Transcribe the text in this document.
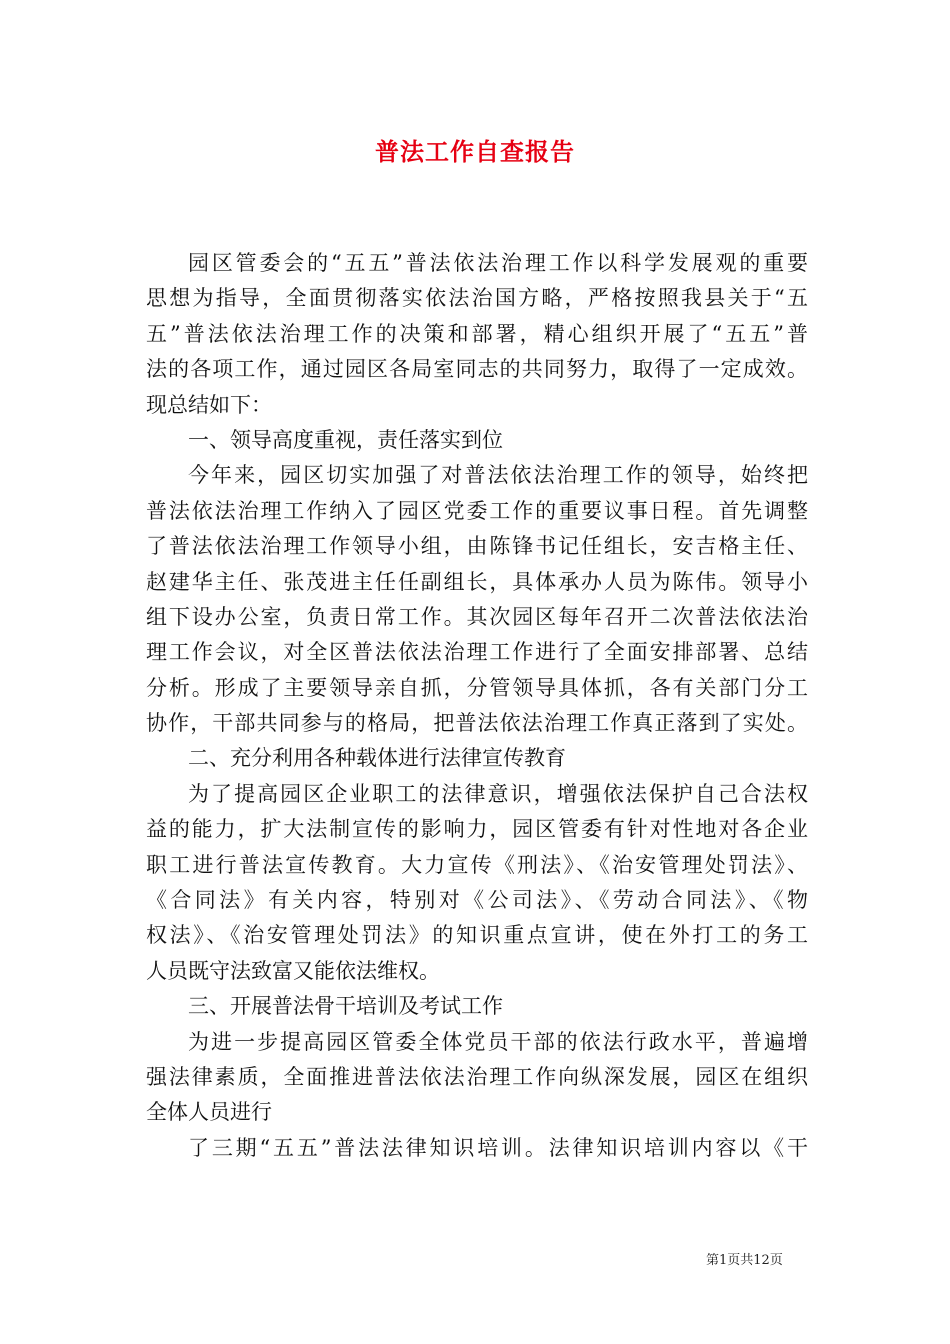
普法工作自查报告
园区管委会的“五五”普法依法治理工作以科学发展观的重要
思想为指导，全面贯彻落实依法治国方略，严格按照我县关于“五
五”普法依法治理工作的决策和部署，精心组织开展了“五五”普
法的各项工作，通过园区各局室同志的共同努力，取得了一定成效。
现总结如下：
一、领导高度重视，责任落实到位
今年来，园区切实加强了对普法依法治理工作的领导，始终把
普法依法治理工作纳入了园区党委工作的重要议事日程。首先调整
了普法依法治理工作领导小组，由陈锋书记任组长，安吉格主任、
赵建华主任、张茂进主任任副组长，具体承办人员为陈伟。领导小
组下设办公室，负责日常工作。其次园区每年召开二次普法依法治
理工作会议，对全区普法依法治理工作进行了全面安排部署、总结
分析。形成了主要领导亲自抓，分管领导具体抓，各有关部门分工
协作，干部共同参与的格局，把普法依法治理工作真正落到了实处。
二、充分利用各种载体进行法律宣传教育
为了提高园区企业职工的法律意识，增强依法保护自己合法权
益的能力，扩大法制宣传的影响力，园区管委有针对性地对各企业
职工进行普法宣传教育。大力宣传《刑法》、《治安管理处罚法》、
《合同法》有关内容，特别对《公司法》、《劳动合同法》、《物
权法》、《治安管理处罚法》的知识重点宣讲，使在外打工的务工
人员既守法致富又能依法维权。
三、开展普法骨干培训及考试工作
为进一步提高园区管委全体党员干部的依法行政水平，普遍增
强法律素质，全面推进普法依法治理工作向纵深发展，园区在组织
全体人员进行
了三期“五五”普法法律知识培训。法律知识培训内容以《干
第1页共12页
